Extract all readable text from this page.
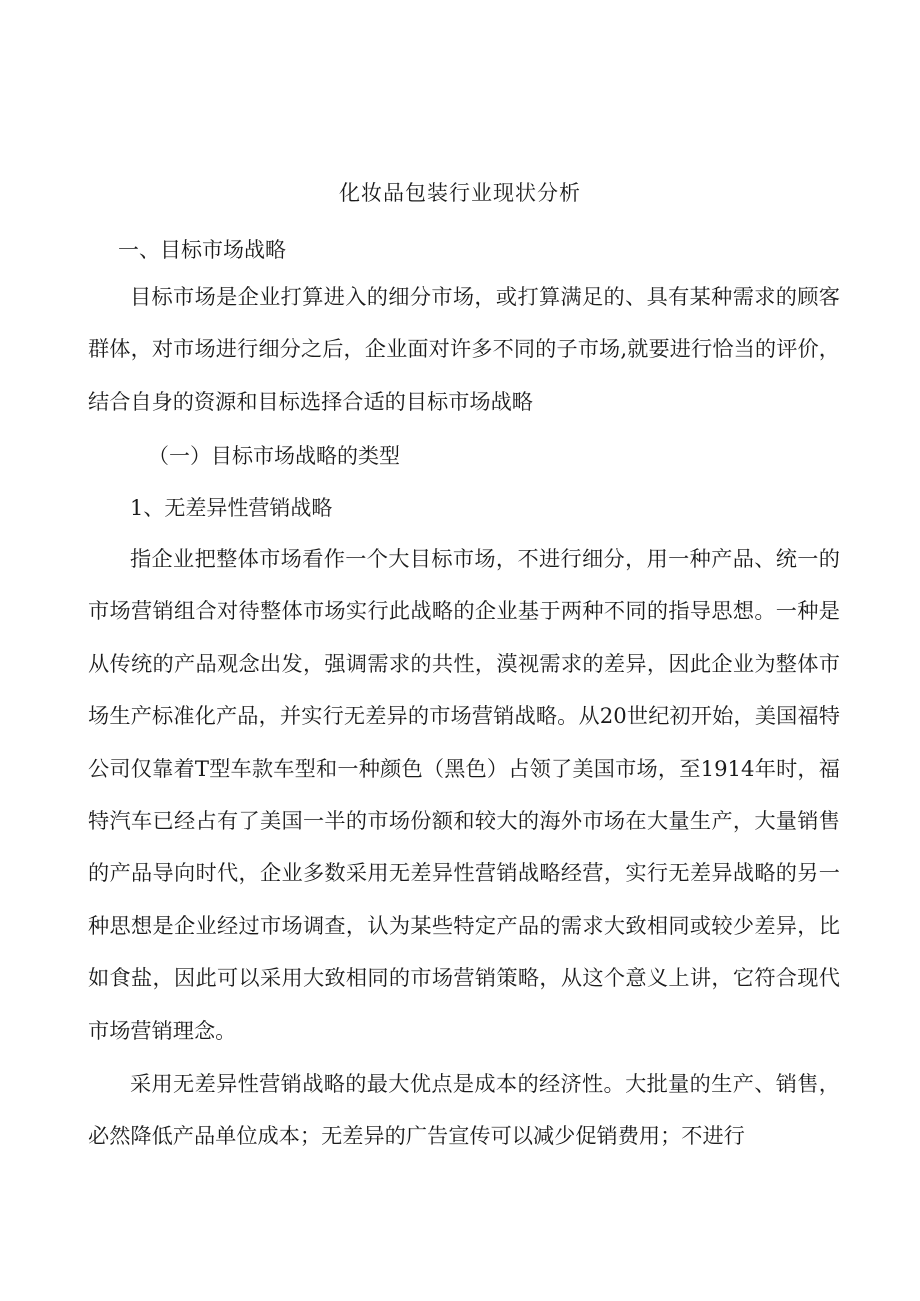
化妆品包装行业现状分析
一、目标市场战略

目标市场是企业打算进入的细分市场，或打算满足的、具有某种需求的顾客群体，对市场进行细分之后，企业面对许多不同的子市场,就要进行恰当的评价，结合自身的资源和目标选择合适的目标市场战略

（一）目标市场战略的类型
1、无差异性营销战略

指企业把整体市场看作一个大目标市场，不进行细分，用一种产品、统一的市场营销组合对待整体市场实行此战略的企业基于两种不同的指导思想。一种是从传统的产品观念出发，强调需求的共性，漠视需求的差异，因此企业为整体市场生产标准化产品，并实行无差异的市场营销战略。从20世纪初开始，美国福特公司仅靠着T型车款车型和一种颜色（黑色）占领了美国市场，至1914年时，福特汽车已经占有了美国一半的市场份额和较大的海外市场在大量生产，大量销售的产品导向时代，企业多数采用无差异性营销战略经营，实行无差异战略的另一种思想是企业经过市场调查，认为某些特定产品的需求大致相同或较少差异，比如食盐，因此可以采用大致相同的市场营销策略，从这个意义上讲，它符合现代市场营销理念。

采用无差异性营销战略的最大优点是成本的经济性。大批量的生产、销售，必然降低产品单位成本；无差异的广告宣传可以减少促销费用；不进行
